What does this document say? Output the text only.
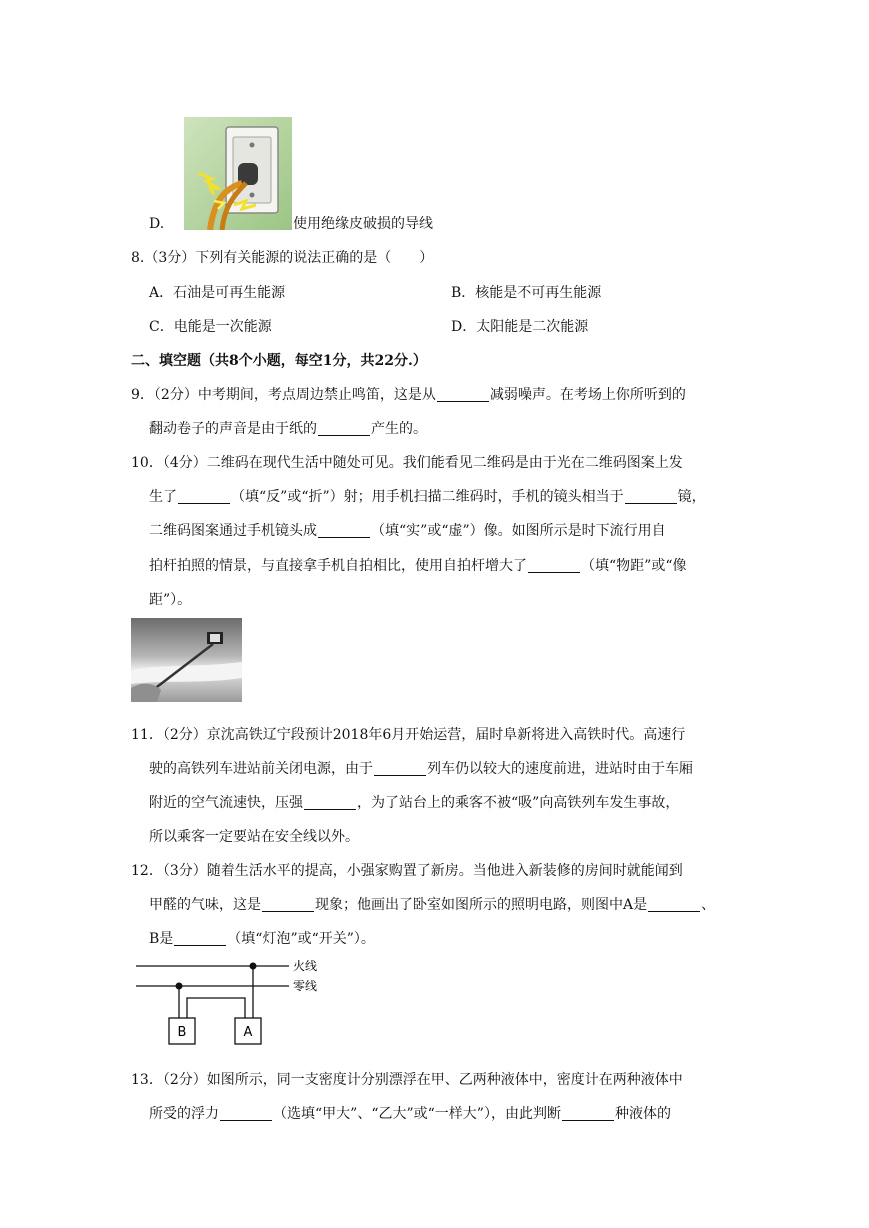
D.	使用绝缘皮破损的导线
8.（3分）下列有关能源的说法正确的是（　　）
A．石油是可再生能源	B．核能是不可再生能源
C．电能是一次能源	D．太阳能是二次能源
二、填空题（共8个小题，每空1分，共22分.）
9．（2分）中考期间，考点周边禁止鸣笛，这是从	减弱噪声。在考场上你所听到的
翻动卷子的声音是由于纸的	产生的。
10．（4分）二维码在现代生活中随处可见。我们能看见二维码是由于光在二维码图案上发
生了	（填“反”或“折”）射；用手机扫描二维码时，手机的镜头相当于	镜，
二维码图案通过手机镜头成	（填“实”或“虚”）像。如图所示是时下流行用自
拍杆拍照的情景，与直接拿手机自拍相比，使用自拍杆增大了	（填“物距”或“像
距”）。
11．（2分）京沈高铁辽宁段预计2018年6月开始运营，届时阜新将进入高铁时代。高速行
驶的高铁列车进站前关闭电源，由于	列车仍以较大的速度前进，进站时由于车厢
附近的空气流速快，压强	，为了站台上的乘客不被“吸”向高铁列车发生事故，
所以乘客一定要站在安全线以外。
12．（3分）随着生活水平的提高，小强家购置了新房。当他进入新装修的房间时就能闻到
甲醛的气味，这是	现象；他画出了卧室如图所示的照明电路，则图中A是	、
B是	（填“灯泡”或“开关”）。
B	A
火线
零线
13．（2分）如图所示，同一支密度计分别漂浮在甲、乙两种液体中，密度计在两种液体中
所受的浮力	（选填“甲大”、“乙大”或“一样大”），由此判断	种液体的
